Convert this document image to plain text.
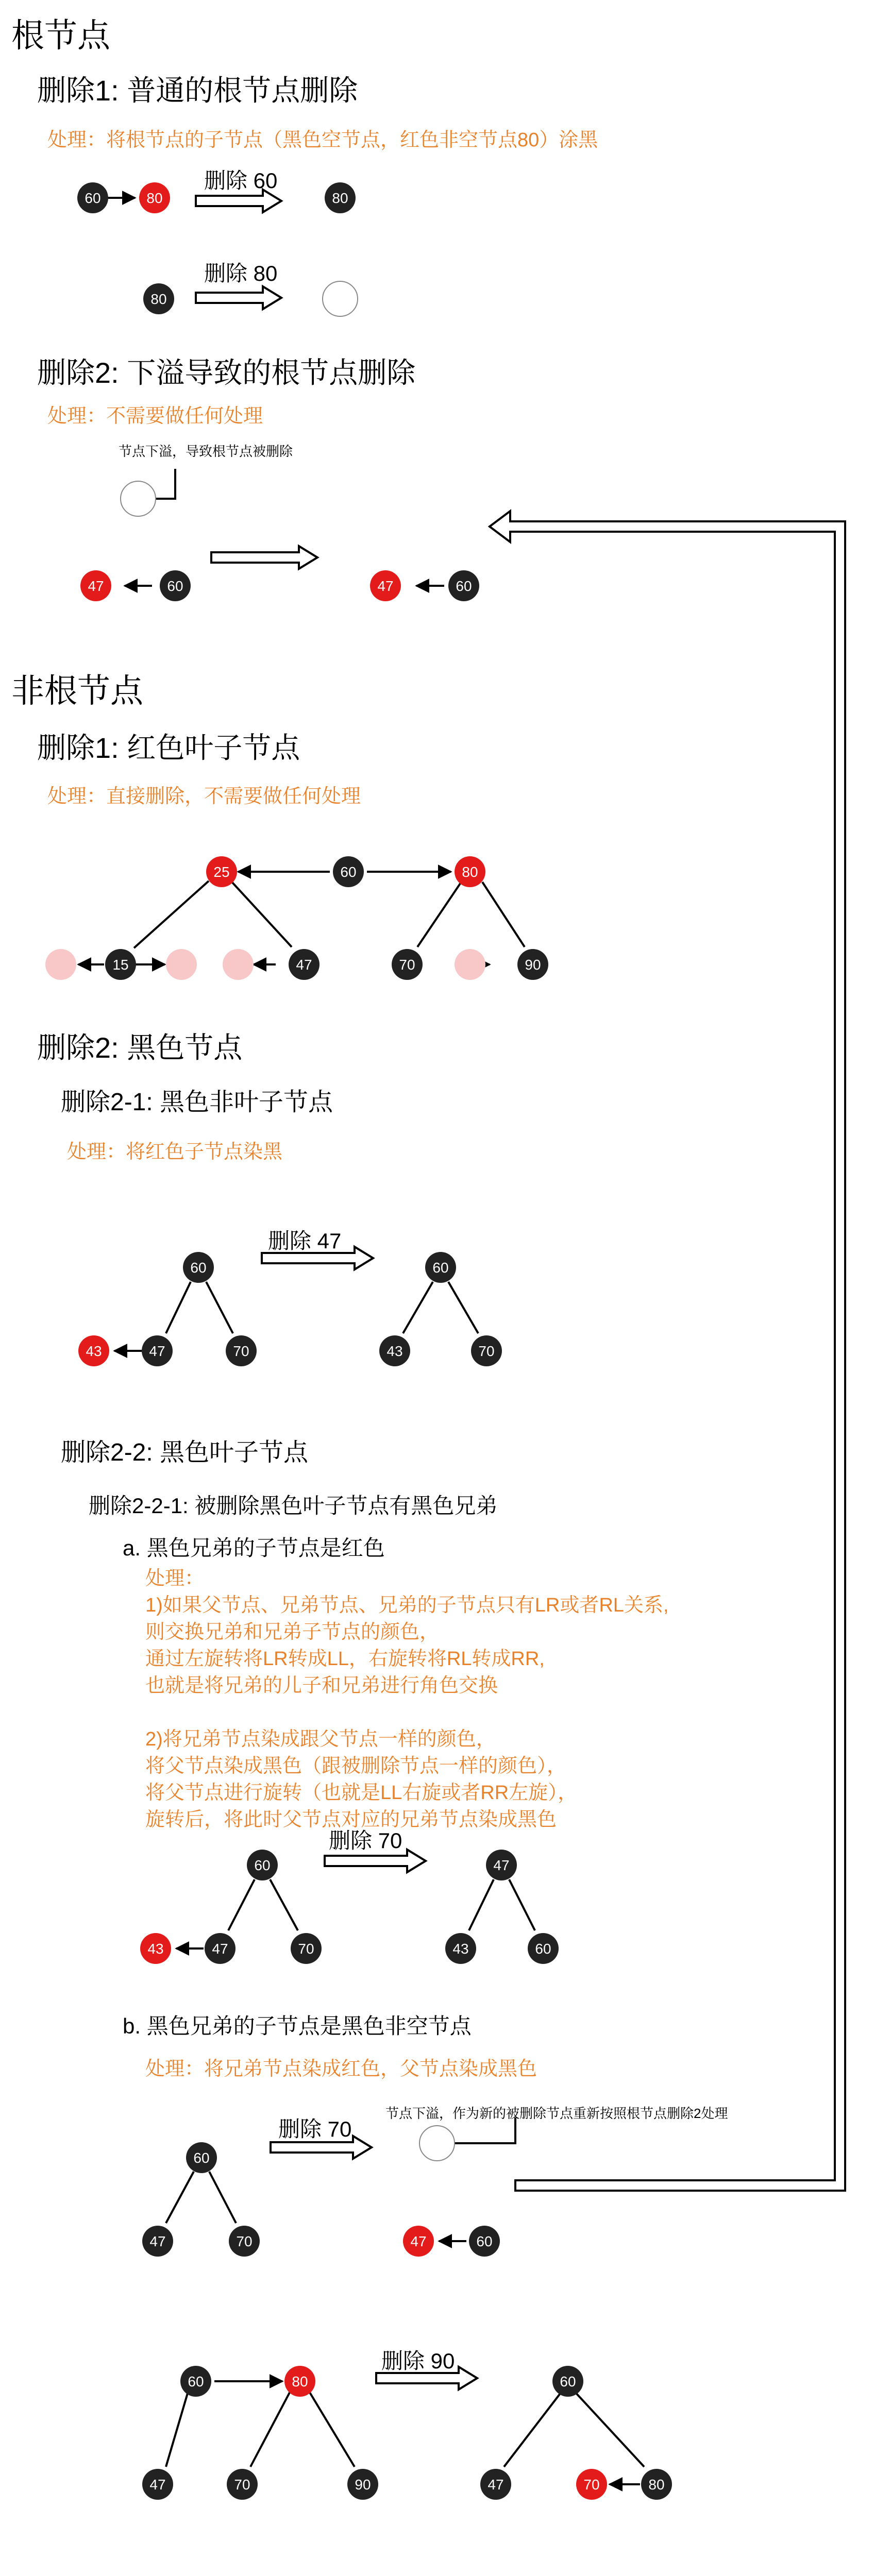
根节点
删除1: 普通的根节点删除
处理：将根节点的子节点（黑色空节点，红色非空节点80）涂黑
删除 60
删除 80
删除2: 下溢导致的根节点删除
处理：不需要做任何处理
节点下溢，导致根节点被删除
非根节点
删除1: 红色叶子节点
处理：直接删除，不需要做任何处理
删除2: 黑色节点
删除2-1: 黑色非叶子节点
处理：将红色子节点染黑
删除 47
删除2-2: 黑色叶子节点
删除2-2-1: 被删除黑色叶子节点有黑色兄弟
a. 黑色兄弟的子节点是红色
处理：
1)如果父节点、兄弟节点、兄弟的子节点只有LR或者RL关系,
则交换兄弟和兄弟子节点的颜色，
通过左旋转将LR转成LL，右旋转将RL转成RR,
也就是将兄弟的儿子和兄弟进行角色交换

2)将兄弟节点染成跟父节点一样的颜色，
将父节点染成黑色（跟被删除节点一样的颜色），
将父节点进行旋转（也就是LL右旋或者RR左旋），
旋转后，将此时父节点对应的兄弟节点染成黑色
删除 70
b. 黑色兄弟的子节点是黑色非空节点
处理：将兄弟节点染成红色，父节点染成黑色
删除 70
节点下溢，作为新的被删除节点重新按照根节点删除2处理
删除 90
60	80	80
80
47	60	47	60
25	60	80
15	47	70	90
60
43	47	70
60
43	70
60
43	47	70
47
43	60
60
47	70	47	60
60	80
47	70	90
60
47	70	80
